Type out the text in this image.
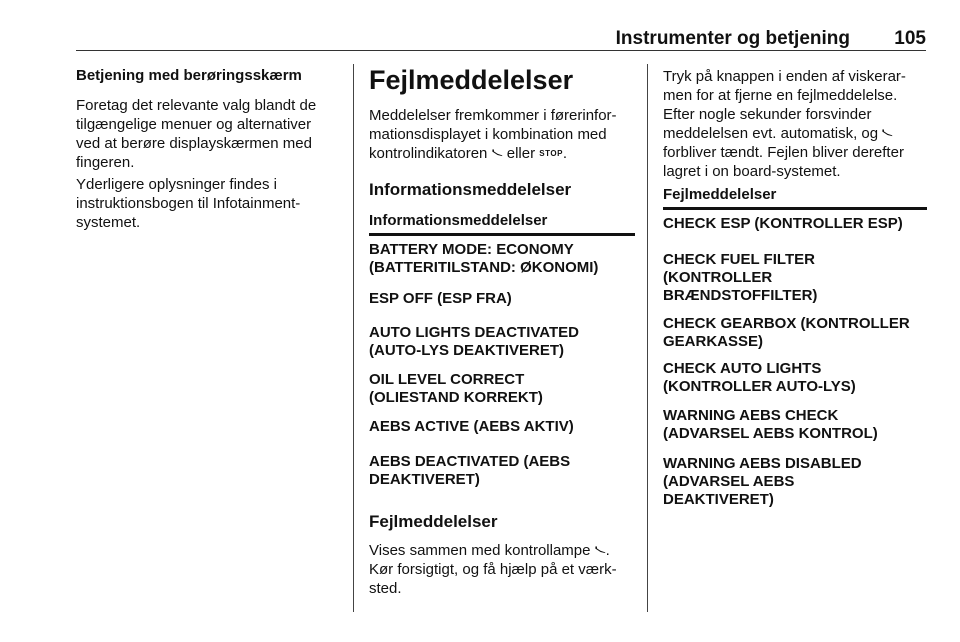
Instrumenter og betjening	105
Betjening med berøringsskærm
Foretag det relevante valg blandt de
tilgængelige menuer og alternativer
ved at berøre displayskærmen med
fingeren.
Yderligere oplysninger findes i
instruktionsbogen til Infotainment-
systemet.
Fejlmeddelelser
Meddelelser fremkommer i førerinfor-
mationsdisplayet i kombination med
kontrolindikatoren eller STOP.
Informationsmeddelelser
Informationsmeddelelser
BATTERY MODE: ECONOMY
(BATTERITILSTAND: ØKONOMI)
ESP OFF (ESP FRA)
AUTO LIGHTS DEACTIVATED
(AUTO-LYS DEAKTIVERET)
OIL LEVEL CORRECT
(OLIESTAND KORREKT)
AEBS ACTIVE (AEBS AKTIV)
AEBS DEACTIVATED (AEBS
DEAKTIVERET)
Fejlmeddelelser
Vises sammen med kontrollampe .
Kør forsigtigt, og få hjælp på et værk-
sted.
Tryk på knappen i enden af viskerar-
men for at fjerne en fejlmeddelelse.
Efter nogle sekunder forsvinder
meddelelsen evt. automatisk, og
forbliver tændt. Fejlen bliver derefter
lagret i on board-systemet.
Fejlmeddelelser
CHECK ESP (KONTROLLER ESP)
CHECK FUEL FILTER
(KONTROLLER
BRÆNDSTOFFILTER)
CHECK GEARBOX (KONTROLLER
GEARKASSE)
CHECK AUTO LIGHTS
(KONTROLLER AUTO-LYS)
WARNING AEBS CHECK
(ADVARSEL AEBS KONTROL)
WARNING AEBS DISABLED
(ADVARSEL AEBS
DEAKTIVERET)
